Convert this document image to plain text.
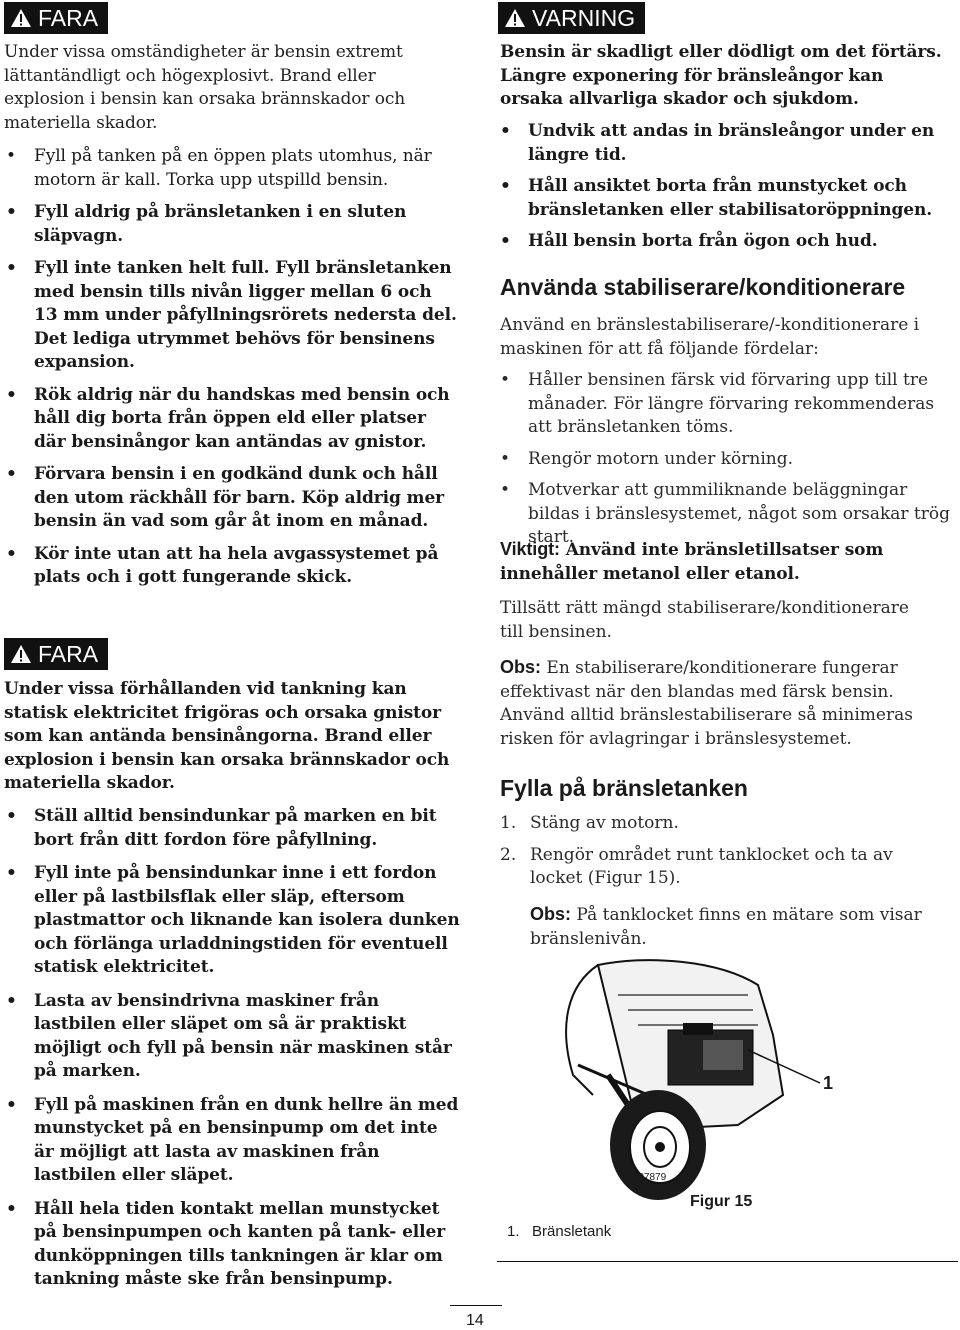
FARA

Under vissa omständigheter är bensin extremt lättantändligt och högexplosivt. Brand eller explosion i bensin kan orsaka brännskador och materiella skador.

• Fyll på tanken på en öppen plats utomhus, när motorn är kall. Torka upp utspilld bensin.
• Fyll aldrig på bränsletanken i en sluten släpvagn.
• Fyll inte tanken helt full. Fyll bränsletanken med bensin tills nivån ligger mellan 6 och 13 mm under påfyllningsrörets nedersta del. Det lediga utrymmet behövs för bensinens expansion.
• Rök aldrig när du handskas med bensin och håll dig borta från öppen eld eller platser där bensinångor kan antändas av gnistor.
• Förvara bensin i en godkänd dunk och håll den utom räckhåll för barn. Köp aldrig mer bensin än vad som går åt inom en månad.
• Kör inte utan att ha hela avgassystemet på plats och i gott fungerande skick.
FARA

Under vissa förhållanden vid tankning kan statisk elektricitet frigöras och orsaka gnistor som kan antända bensinångorna. Brand eller explosion i bensin kan orsaka brännskador och materiella skador.

• Ställ alltid bensindunkar på marken en bit bort från ditt fordon före påfyllning.
• Fyll inte på bensindunkar inne i ett fordon eller på lastbilsflak eller släp, eftersom plastmattor och liknande kan isolera dunken och förlänga urladdningstiden för eventuell statisk elektricitet.
• Lasta av bensindrivna maskiner från lastbilen eller släpet om så är praktiskt möjligt och fyll på bensin när maskinen står på marken.
• Fyll på maskinen från en dunk hellre än med munstycket på en bensinpump om det inte är möjligt att lasta av maskinen från lastbilen eller släpet.
• Håll hela tiden kontakt mellan munstycket på bensinpumpen och kanten på tank- eller dunköppningen tills tankningen är klar om tankning måste ske från bensinpump.
VARNING

Bensin är skadligt eller dödligt om det förtärs. Längre exponering för bränsleångor kan orsaka allvarliga skador och sjukdom.

• Undvik att andas in bränsleångor under en längre tid.
• Håll ansiktet borta från munstycket och bränsletanken eller stabilisatoröppningen.
• Håll bensin borta från ögon och hud.
Använda stabiliserare/konditionerare

Använd en bränslestabiliserare/-konditionerare i maskinen för att få följande fördelar:

• Håller bensinen färsk vid förvaring upp till tre månader. För längre förvaring rekommenderas att bränsletanken töms.
• Rengör motorn under körning.
• Motverkar att gummiliknande beläggningar bildas i bränslesystemet, något som orsakar trög start.

Viktigt: Använd inte bränsletillsatser som innehåller metanol eller etanol.

Tillsätt rätt mängd stabiliserare/konditionerare till bensinen.

Obs: En stabiliserare/konditionerare fungerar effektivast när den blandas med färsk bensin. Använd alltid bränslestabiliserare så minimeras risken för avlagringar i bränslesystemet.

Fylla på bränsletanken
1. Stäng av motorn.
2. Rengör området runt tanklocket och ta av locket (Figur 15).

Obs: På tanklocket finns en mätare som visar bränslenivån.

1
G007879
Figur 15
1.   Bränsletank
14
